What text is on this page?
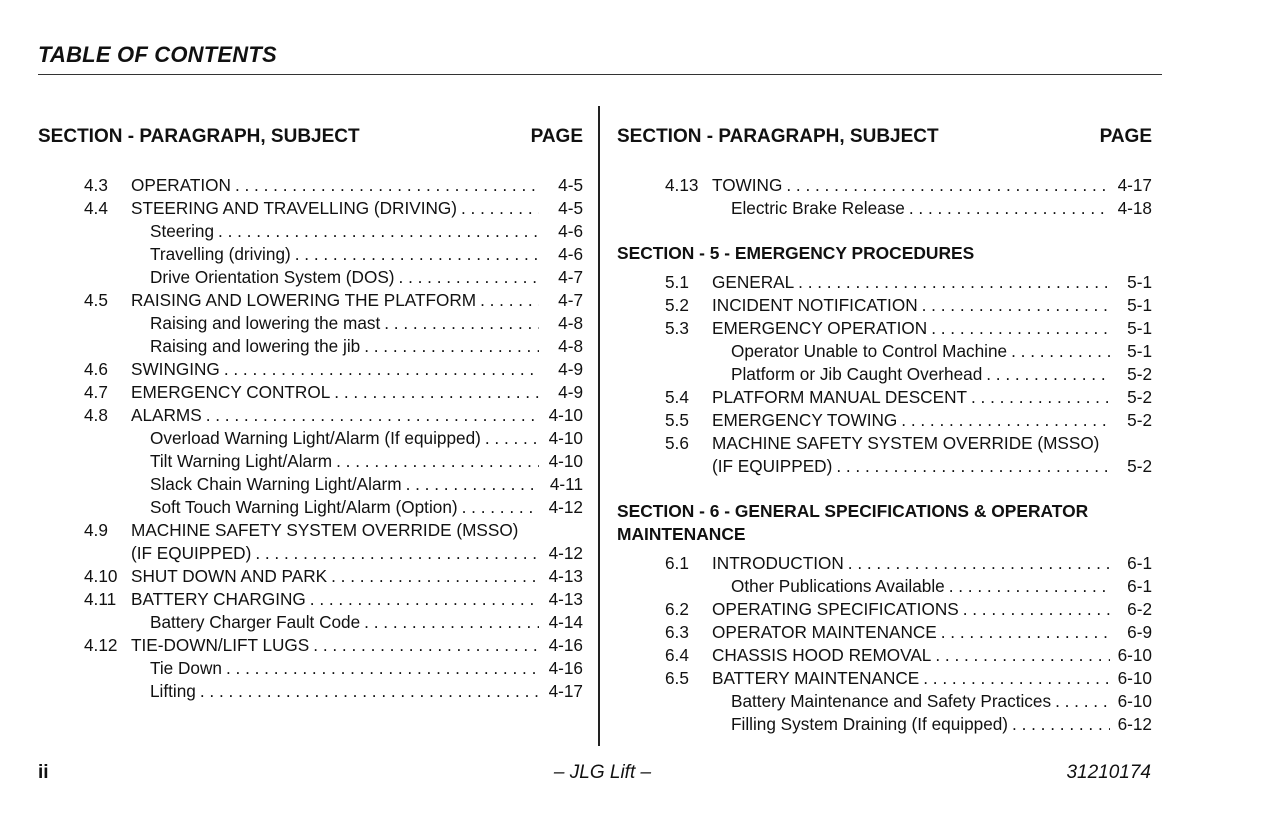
TABLE OF CONTENTS
SECTION - PARAGRAPH, SUBJECT	PAGE
4.3 OPERATION . . .	4-5
4.4 STEERING AND TRAVELLING (DRIVING) . . .	4-5
Steering . . .	4-6
Travelling (driving) . . .	4-6
Drive Orientation System (DOS) . . .	4-7
4.5 RAISING AND LOWERING THE PLATFORM . . .	4-7
Raising and lowering the mast . . .	4-8
Raising and lowering the jib . . .	4-8
4.6 SWINGING . . .	4-9
4.7 EMERGENCY CONTROL . . .	4-9
4.8 ALARMS . . .	4-10
Overload Warning Light/Alarm (If equipped) . . .	4-10
Tilt Warning Light/Alarm . . .	4-10
Slack Chain Warning Light/Alarm . . .	4-11
Soft Touch Warning Light/Alarm (Option) . . .	4-12
4.9 MACHINE SAFETY SYSTEM OVERRIDE (MSSO)
(IF EQUIPPED) . . .	4-12
4.10 SHUT DOWN AND PARK . . .	4-13
4.11 BATTERY CHARGING . . .	4-13
Battery Charger Fault Code . . .	4-14
4.12 TIE-DOWN/LIFT LUGS . . .	4-16
Tie Down . . .	4-16
Lifting . . .	4-17
SECTION - PARAGRAPH, SUBJECT	PAGE
4.13 TOWING . . .	4-17
Electric Brake Release . . .	4-18
SECTION - 5 - EMERGENCY PROCEDURES
5.1 GENERAL . . .	5-1
5.2 INCIDENT NOTIFICATION . . .	5-1
5.3 EMERGENCY OPERATION . . .	5-1
Operator Unable to Control Machine . . .	5-1
Platform or Jib Caught Overhead . . .	5-2
5.4 PLATFORM MANUAL DESCENT . . .	5-2
5.5 EMERGENCY TOWING . . .	5-2
5.6 MACHINE SAFETY SYSTEM OVERRIDE (MSSO)
(IF EQUIPPED) . . .	5-2
SECTION - 6 - GENERAL SPECIFICATIONS & OPERATOR
MAINTENANCE
6.1 INTRODUCTION . . .	6-1
Other Publications Available . . .	6-1
6.2 OPERATING SPECIFICATIONS . . .	6-2
6.3 OPERATOR MAINTENANCE . . .	6-9
6.4 CHASSIS HOOD REMOVAL . . .	6-10
6.5 BATTERY MAINTENANCE . . .	6-10
Battery Maintenance and Safety Practices . . .	6-10
Filling System Draining (If equipped) . . .	6-12
ii	– JLG Lift –	31210174
